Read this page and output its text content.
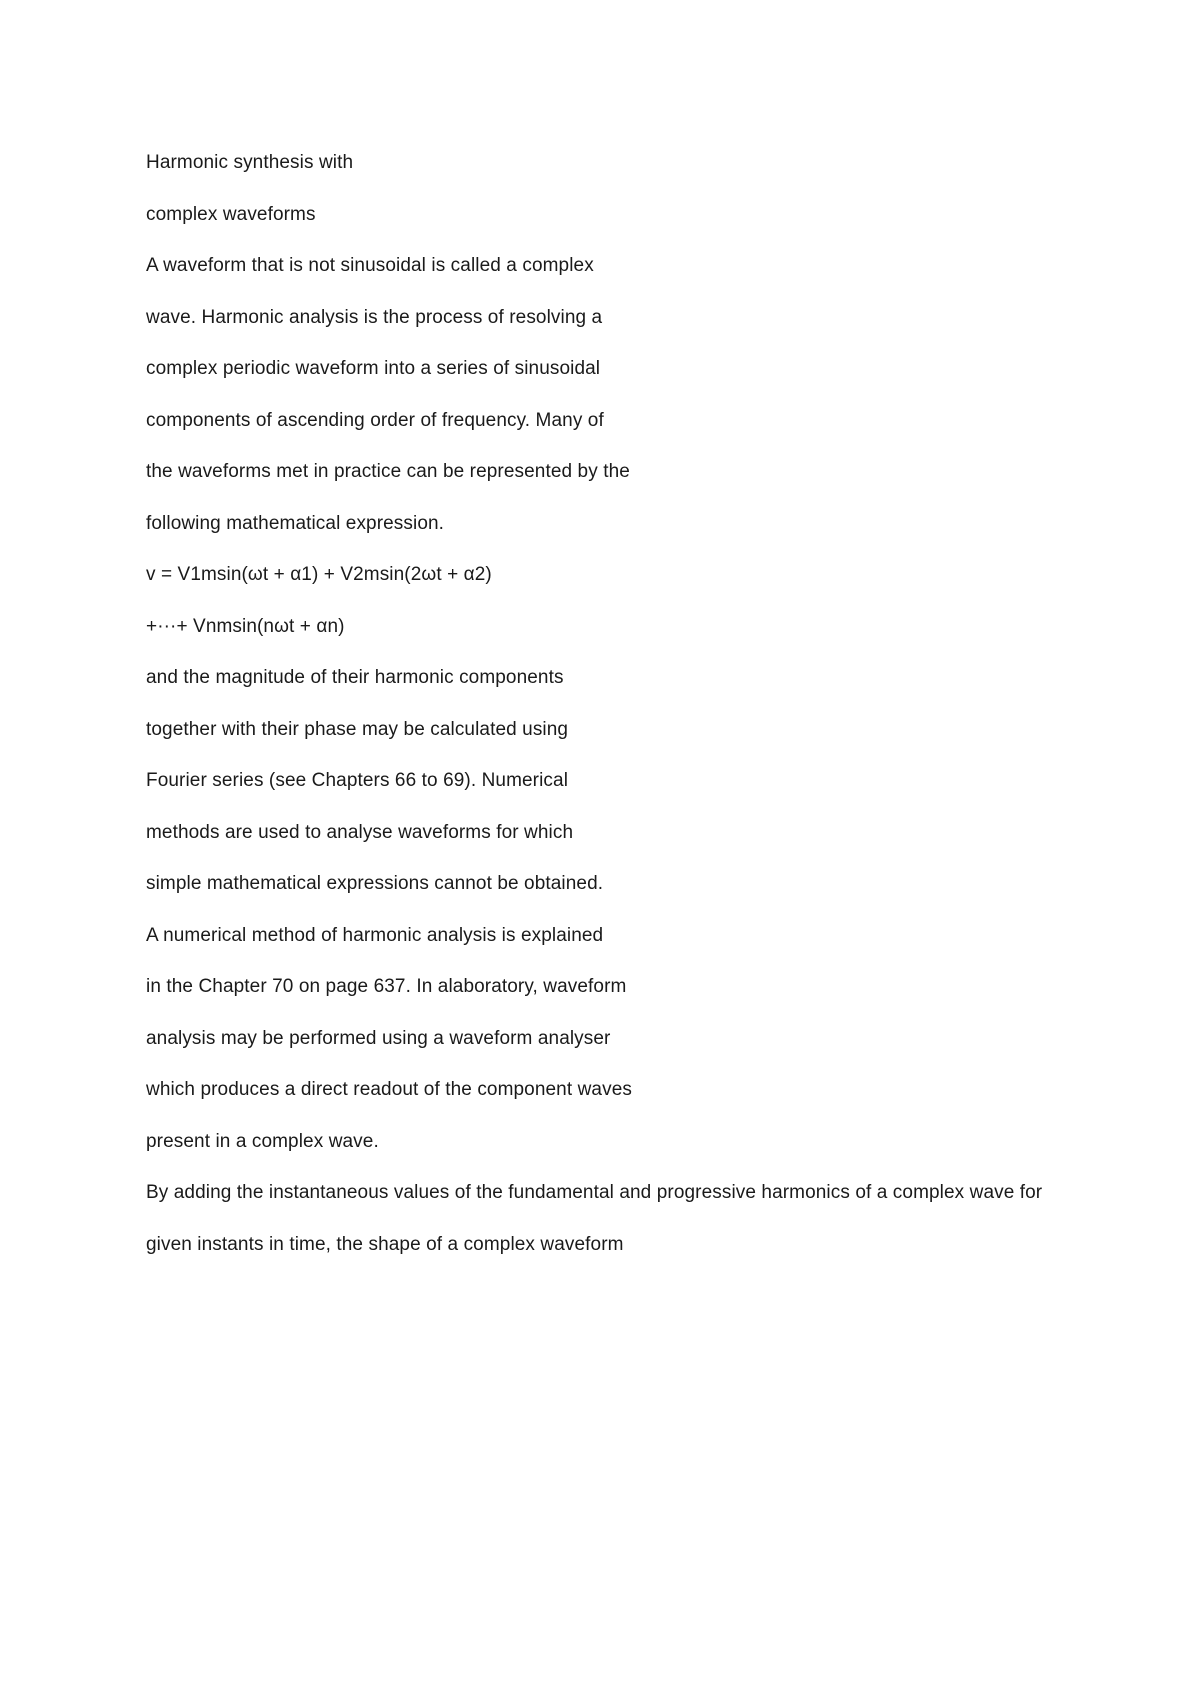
Harmonic synthesis with
complex waveforms
A waveform that is not sinusoidal is called a complex
wave. Harmonic analysis is the process of resolving a
complex periodic waveform into a series of sinusoidal
components of ascending order of frequency. Many of
the waveforms met in practice can be represented by the
following mathematical expression.
v = V1msin(ωt + α1) + V2msin(2ωt + α2)
+···+ Vnmsin(nωt + αn)
and the magnitude of their harmonic components
together with their phase may be calculated using
Fourier series (see Chapters 66 to 69). Numerical
methods are used to analyse waveforms for which
simple mathematical expressions cannot be obtained.
A numerical method of harmonic analysis is explained
in the Chapter 70 on page 637. In alaboratory, waveform
analysis may be performed using a waveform analyser
which produces a direct readout of the component waves
present in a complex wave.
By adding the instantaneous values of the fundamental and progressive harmonics of a complex wave for
given instants in time, the shape of a complex waveform
